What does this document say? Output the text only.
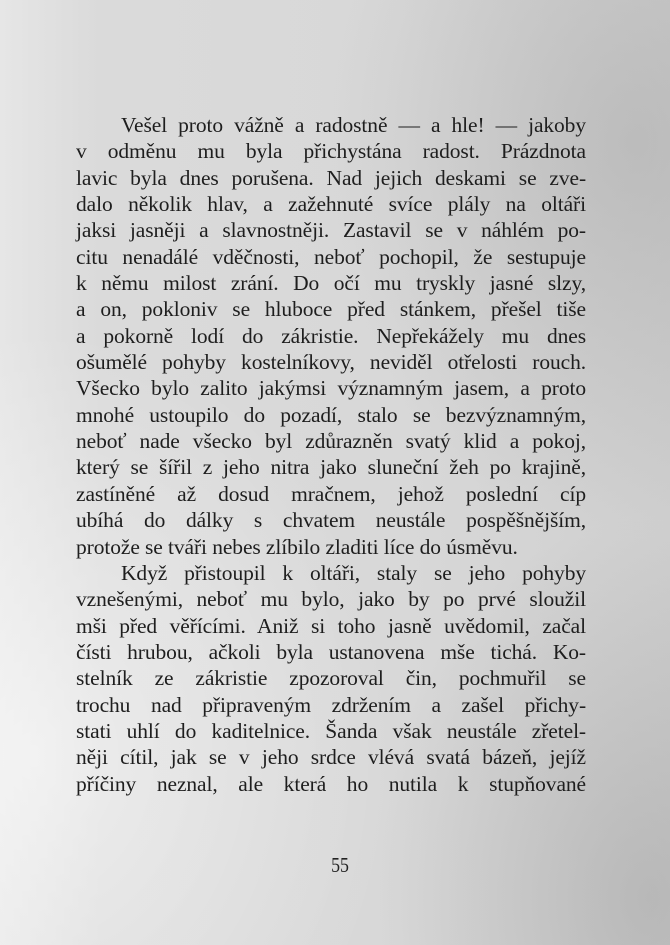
Vešel proto vážně a radostně — a hle! — jakoby
v odměnu mu byla přichystána radost. Prázdnota
lavic byla dnes porušena. Nad jejich deskami se zve-
dalo několik hlav, a zažehnuté svíce plály na oltáři
jaksi jasněji a slavnostněji. Zastavil se v náhlém po-
citu nenadálé vděčnosti, neboť pochopil, že sestupuje
k němu milost zrání. Do očí mu tryskly jasné slzy,
a on, pokloniv se hluboce před stánkem, přešel tiše
a pokorně lodí do zákristie. Nepřekážely mu dnes
ošumělé pohyby kostelníkovy, neviděl otřelosti rouch.
Všecko bylo zalito jakýmsi významným jasem, a proto
mnohé ustoupilo do pozadí, stalo se bezvýznamným,
neboť nade všecko byl zdůrazněn svatý klid a pokoj,
který se šířil z jeho nitra jako sluneční žeh po krajině,
zastíněné až dosud mračnem, jehož poslední cíp
ubíhá do dálky s chvatem neustále pospěšnějším,
protože se tváři nebes zlíbilo zladiti líce do úsměvu.
Když přistoupil k oltáři, staly se jeho pohyby
vznešenými, neboť mu bylo, jako by po prvé sloužil
mši před věřícími. Aniž si toho jasně uvědomil, začal
čísti hrubou, ačkoli byla ustanovena mše tichá. Ko-
stelník ze zákristie zpozoroval čin, pochmuřil se
trochu nad připraveným zdržením a zašel přichy-
stati uhlí do kaditelnice. Šanda však neustále zřetel-
něji cítil, jak se v jeho srdce vlévá svatá bázeň, jejíž
příčiny neznal, ale která ho nutila k stupňované
55
